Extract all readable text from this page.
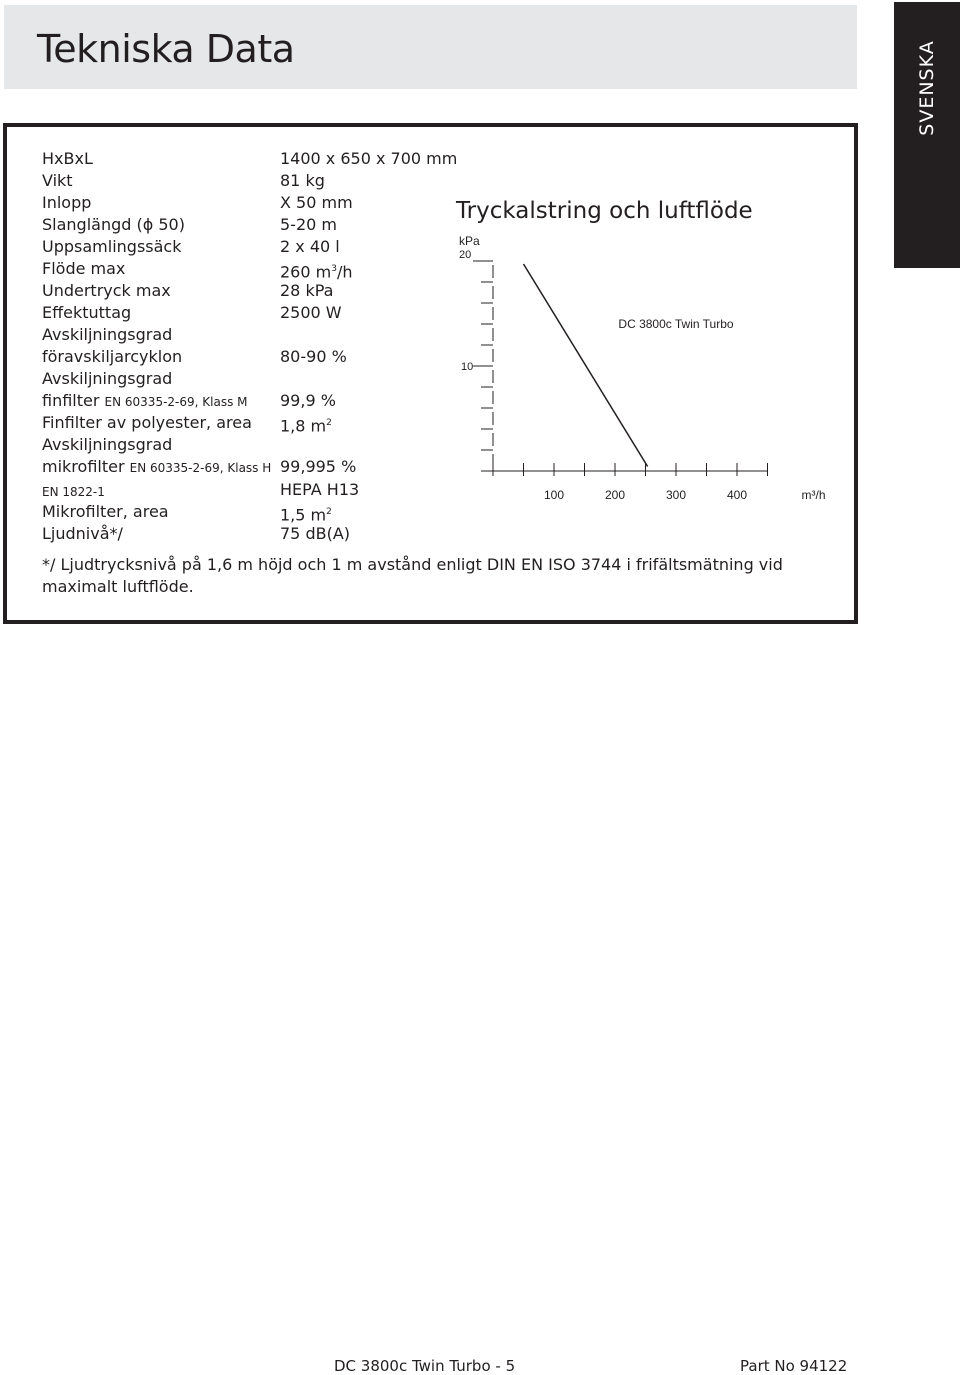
Tekniska Data	SVENSKA
HxBxL	1400 x 650 x 700 mm
Vikt	81 kg
Inlopp	X 50 mm
Slanglängd (ϕ 50)	5-20 m
Uppsamlingssäck	2 x 40 l
Flöde max	260 $m^3/h$
Undertryck max	28 kPa
Effektuttag	2500 W
Avskiljningsgrad
föravskiljarcyklon	80-90 %
Avskiljningsgrad
finfilter EN 60335-2-69, Klass M 99,9 %
Finfilter av polyester, area 1,8 $m^2$
Avskiljningsgrad
mikrofilter EN 60335-2-69, Klass H 99,995 %
EN 1822-1	HEPA H13
Mikrofilter, area	1,5 $m^2$
Ljudnivå*/	75 dB(A)
Tryckalstring och luftflöde
kPa
20
10
100	200	300	400	m³/h
DC 3800c Twin Turbo
*/ Ljudtrycksnivå på 1,6 m höjd och 1 m avstånd enligt DIN EN ISO 3744 i frifältsmätning vid maximalt luftflöde.
DC 3800c Twin Turbo - 5	Part No 94122
